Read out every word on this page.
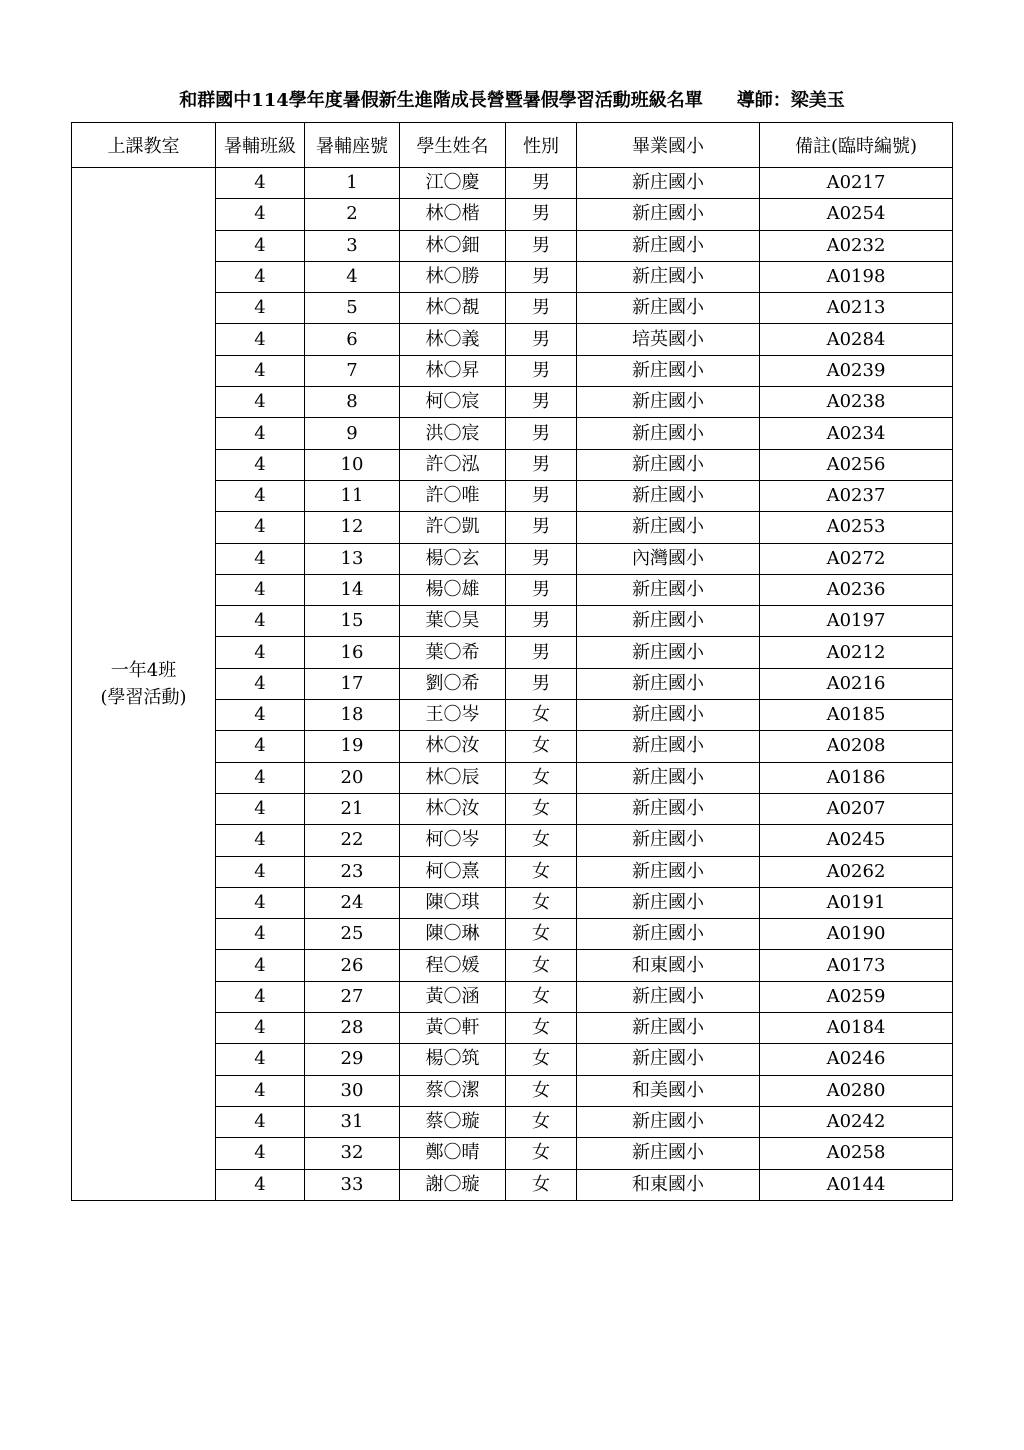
和群國中114學年度暑假新生進階成長營暨暑假學習活動班級名單 導師：梁美玉
上課教室	暑輔班級	暑輔座號	學生姓名	性別	畢業國小	備註(臨時編號)

一年4班
(學習活動)	4	1	江〇慶	男	新庄國小	A0217
	4	2	林〇楷	男	新庄國小	A0254
	4	3	林〇鈿	男	新庄國小	A0232
	4	4	林〇勝	男	新庄國小	A0198
	4	5	林〇覩	男	新庄國小	A0213
	4	6	林〇義	男	培英國小	A0284
	4	7	林〇昇	男	新庄國小	A0239
	4	8	柯〇宸	男	新庄國小	A0238
	4	9	洪〇宸	男	新庄國小	A0234
	4	10	許〇泓	男	新庄國小	A0256
	4	11	許〇唯	男	新庄國小	A0237
	4	12	許〇凱	男	新庄國小	A0253
	4	13	楊〇玄	男	內灣國小	A0272
	4	14	楊〇雄	男	新庄國小	A0236
	4	15	葉〇昊	男	新庄國小	A0197
	4	16	葉〇希	男	新庄國小	A0212
	4	17	劉〇希	男	新庄國小	A0216
	4	18	王〇岑	女	新庄國小	A0185
	4	19	林〇汝	女	新庄國小	A0208
	4	20	林〇辰	女	新庄國小	A0186
	4	21	林〇汝	女	新庄國小	A0207
	4	22	柯〇岑	女	新庄國小	A0245
	4	23	柯〇熹	女	新庄國小	A0262
	4	24	陳〇琪	女	新庄國小	A0191
	4	25	陳〇琳	女	新庄國小	A0190
	4	26	程〇媛	女	和東國小	A0173
	4	27	黃〇涵	女	新庄國小	A0259
	4	28	黃〇軒	女	新庄國小	A0184
	4	29	楊〇筑	女	新庄國小	A0246
	4	30	蔡〇潔	女	和美國小	A0280
	4	31	蔡〇璇	女	新庄國小	A0242
	4	32	鄭〇晴	女	新庄國小	A0258
	4	33	謝〇璇	女	和東國小	A0144
